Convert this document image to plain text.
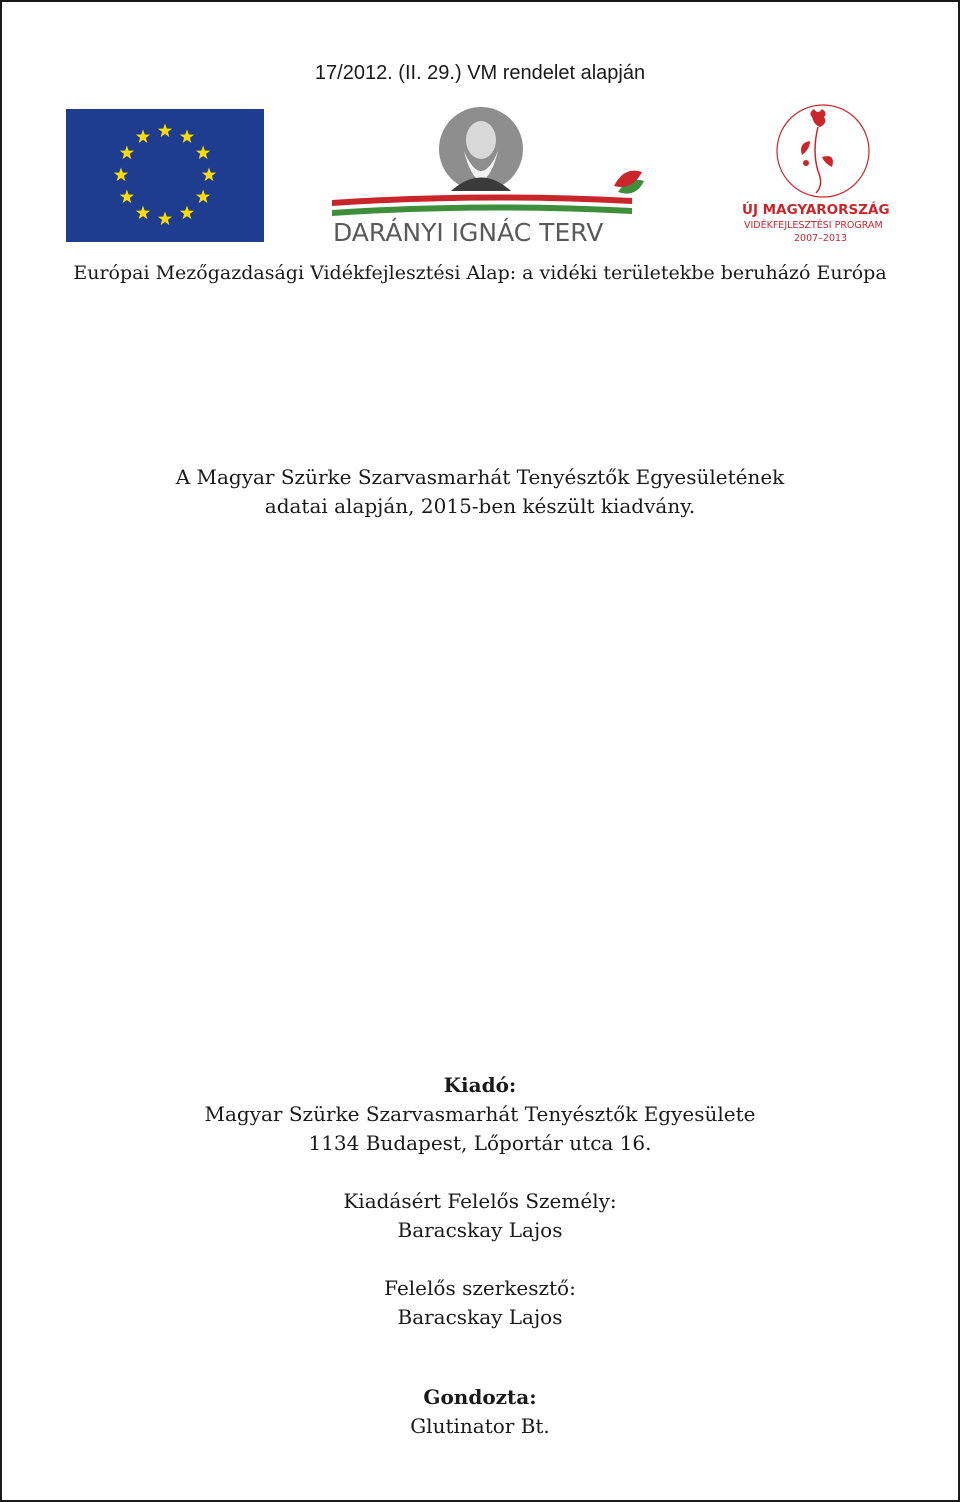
17/2012. (II. 29.) VM rendelet alapján
DARÁNYI IGNÁC TERV
ÚJ MAGYARORSZÁG
VIDÉKFEJLESZTÉSI PROGRAM
2007–2013
Európai Mezőgazdasági Vidékfejlesztési Alap: a vidéki területekbe beruházó Európa
A Magyar Szürke Szarvasmarhát Tenyésztők Egyesületének
adatai alapján, 2015-ben készült kiadvány.
Kiadó:
Magyar Szürke Szarvasmarhát Tenyésztők Egyesülete
1134 Budapest, Lőportár utca 16.
Kiadásért Felelős Személy:
Baracskay Lajos
Felelős szerkesztő:
Baracskay Lajos
Gondozta:
Glutinator Bt.
